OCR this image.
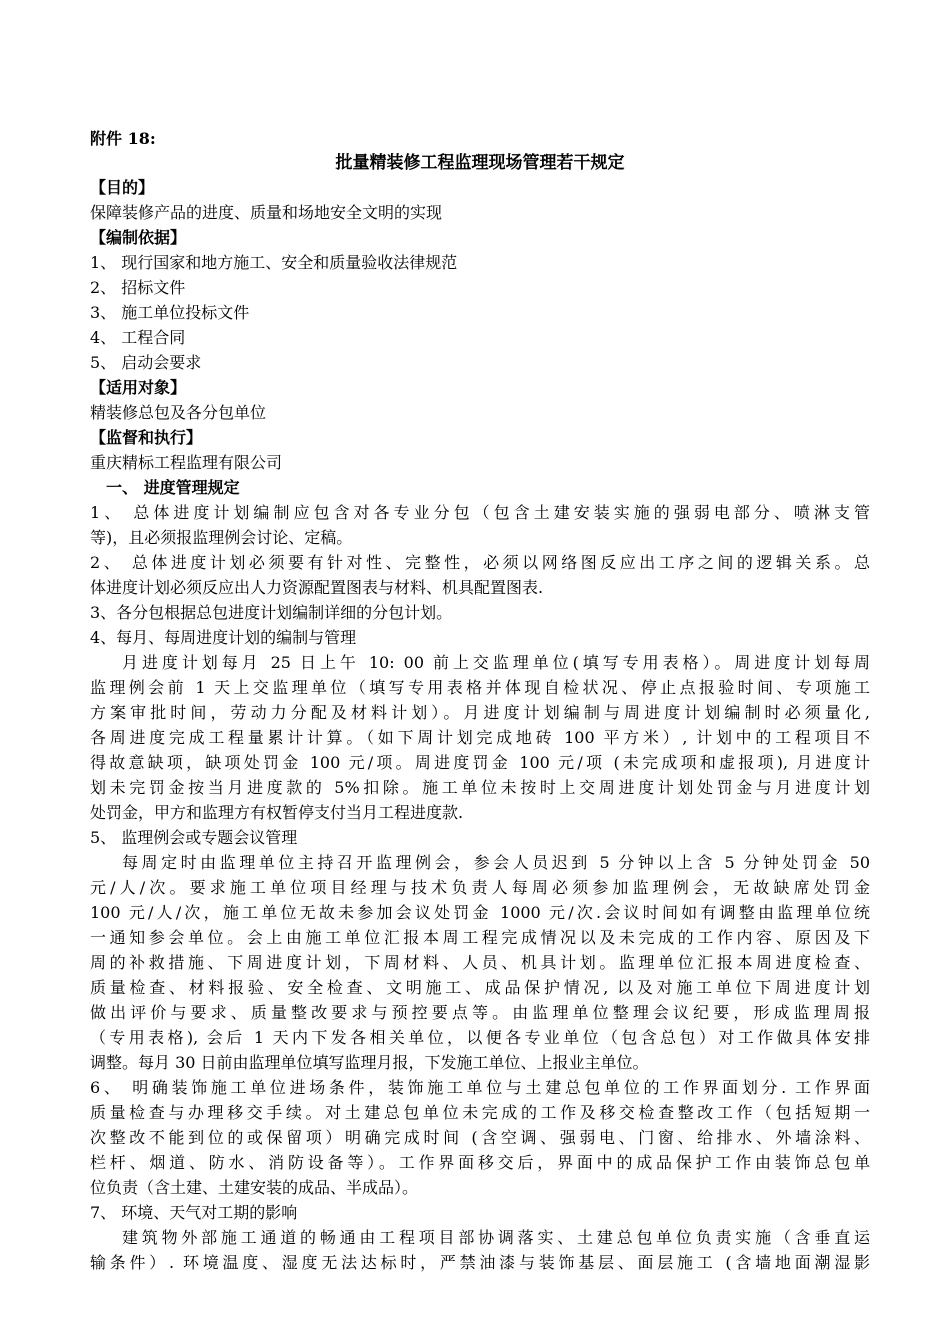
附件 18:
批量精装修工程监理现场管理若干规定
【目的】
保障装修产品的进度、质量和场地安全文明的实现
【编制依据】
1、 现行国家和地方施工、安全和质量验收法律规范
2、 招标文件
3、 施工单位投标文件
4、 工程合同
5、 启动会要求
【适用对象】
精装修总包及各分包单位
【监督和执行】
重庆精标工程监理有限公司
一、 进度管理规定
1、 总体进度计划编制应包含对各专业分包（包含土建安装实施的强弱电部分、喷淋支管
等)，且必须报监理例会讨论、定稿。
2、 总体进度计划必须要有针对性、完整性，必须以网络图反应出工序之间的逻辑关系。总
体进度计划必须反应出人力资源配置图表与材料、机具配置图表.
3、各分包根据总包进度计划编制详细的分包计划。
4、每月、每周进度计划的编制与管理
月进度计划每月 25 日上午 10: 00 前上交监理单位(填写专用表格）。周进度计划每周
监理例会前 1 天上交监理单位（填写专用表格并体现自检状况、停止点报验时间、专项施工
方案审批时间，劳动力分配及材料计划）。月进度计划编制与周进度计划编制时必须量化,
各周进度完成工程量累计计算。（如下周计划完成地砖 100 平方米）, 计划中的工程项目不
得故意缺项，缺项处罚金 100 元/项。周进度罚金 100 元/项 (未完成项和虚报项), 月进度计
划未完罚金按当月进度款的 5%扣除。施工单位未按时上交周进度计划处罚金与月进度计划
处罚金，甲方和监理方有权暂停支付当月工程进度款.
5、 监理例会或专题会议管理
每周定时由监理单位主持召开监理例会，参会人员迟到 5 分钟以上含 5 分钟处罚金 50
元/人/次。要求施工单位项目经理与技术负责人每周必须参加监理例会，无故缺席处罚金
100 元/人/次，施工单位无故未参加会议处罚金 1000 元/次.会议时间如有调整由监理单位统
一通知参会单位。会上由施工单位汇报本周工程完成情况以及未完成的工作内容、原因及下
周的补救措施、下周进度计划，下周材料、人员、机具计划。监理单位汇报本周进度检查、
质量检查、材料报验、安全检查、文明施工、成品保护情况, 以及对施工单位下周进度计划
做出评价与要求、质量整改要求与预控要点等。由监理单位整理会议纪要，形成监理周报
（专用表格), 会后 1 天内下发各相关单位，以便各专业单位（包含总包）对工作做具体安排
调整。每月 30 日前由监理单位填写监理月报，下发施工单位、上报业主单位。
6、 明确装饰施工单位进场条件，装饰施工单位与土建总包单位的工作界面划分. 工作界面
质量检查与办理移交手续。对土建总包单位未完成的工作及移交检查整改工作（包括短期一
次整改不能到位的或保留项）明确完成时间 (含空调、强弱电、门窗、给排水、外墙涂料、
栏杆、烟道、防水、消防设备等）。工作界面移交后，界面中的成品保护工作由装饰总包单
位负责（含土建、土建安装的成品、半成品）。
7、 环境、天气对工期的影响
建筑物外部施工通道的畅通由工程项目部协调落实、土建总包单位负责实施（含垂直运
输条件）. 环境温度、湿度无法达标时，严禁油漆与装饰基层、面层施工 (含墙地面潮湿影
